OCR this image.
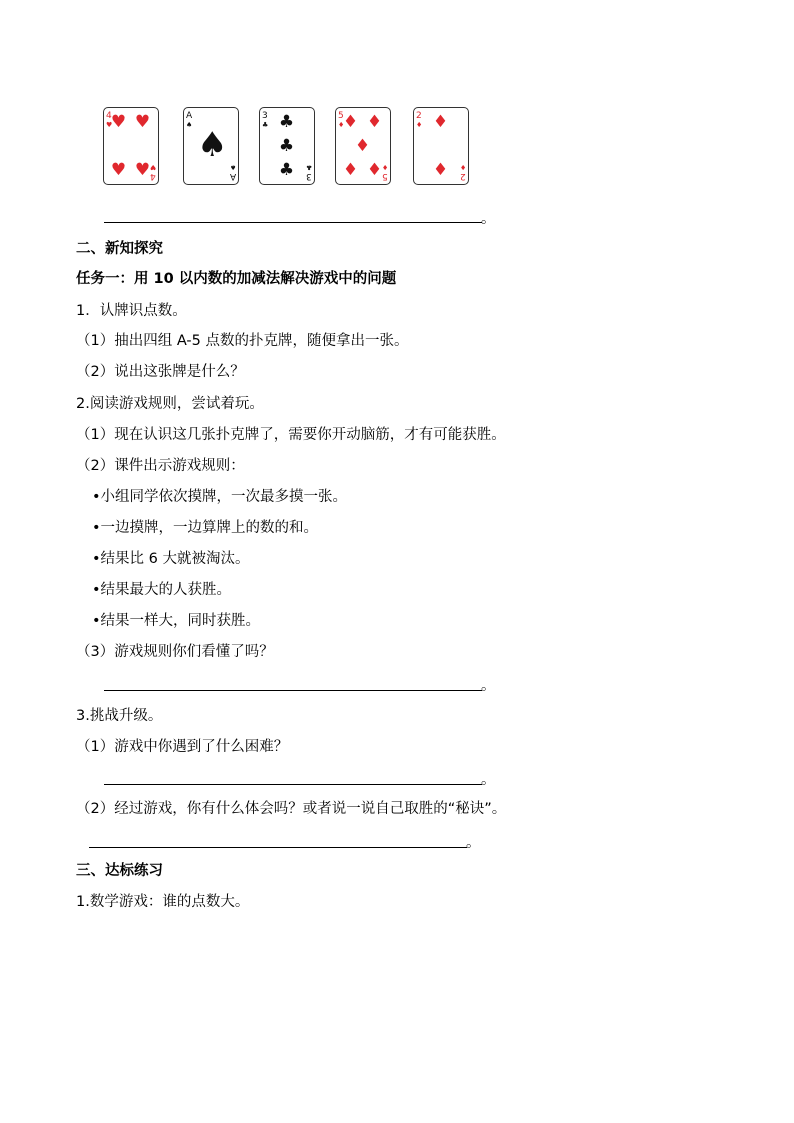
4
4
♥
♥
♥ ♥
♥ ♥
A
A
♠
♠
♠
3
3
♣
♣
♣
♣
♣
5
5
♦
♦
♦ ♦
♦
♦ ♦
2
2
♦
♦
♦
♦
。
二、新知探究
任务一：用 10 以内数的加减法解决游戏中的问题
1．认牌识点数。
（1）抽出四组 A-5 点数的扑克牌，随便拿出一张。
（2）说出这张牌是什么？
2.阅读游戏规则，尝试着玩。
（1）现在认识这几张扑克牌了，需要你开动脑筋，才有可能获胜。
（2）课件出示游戏规则：
•小组同学依次摸牌，一次最多摸一张。
•一边摸牌，一边算牌上的数的和。
•结果比 6 大就被淘汰。
•结果最大的人获胜。
•结果一样大，同时获胜。
（3）游戏规则你们看懂了吗？
。
3.挑战升级。
（1）游戏中你遇到了什么困难？
。
（2）经过游戏，你有什么体会吗？或者说一说自己取胜的“秘诀”。
。
三、达标练习
1.数学游戏：谁的点数大。
